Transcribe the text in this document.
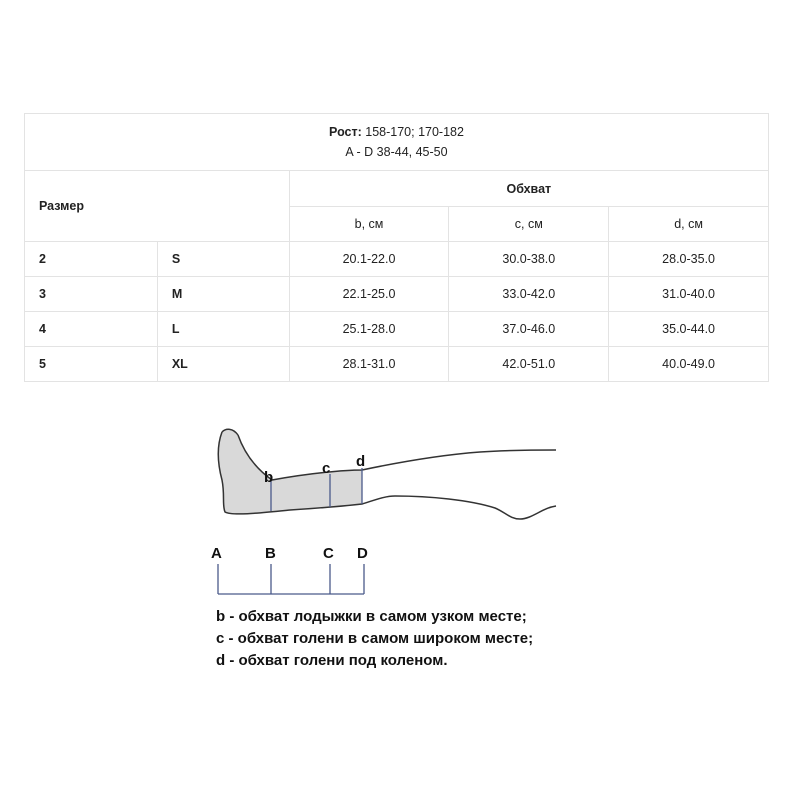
Рост: 158-170; 170-182
A - D 38-44, 45-50				

Размер		Обхват		
		b, см	c, см	d, см
2	S	20.1-22.0	30.0-38.0	28.0-35.0
3	M	22.1-25.0	33.0-42.0	31.0-40.0
4	L	25.1-28.0	37.0-46.0	35.0-44.0
5	XL	28.1-31.0	42.0-51.0	40.0-49.0
b
c d
A	B	C D
b - обхват лодыжки в самом узком месте;
c - обхват голени в самом широком месте;
d - обхват голени под коленом.
